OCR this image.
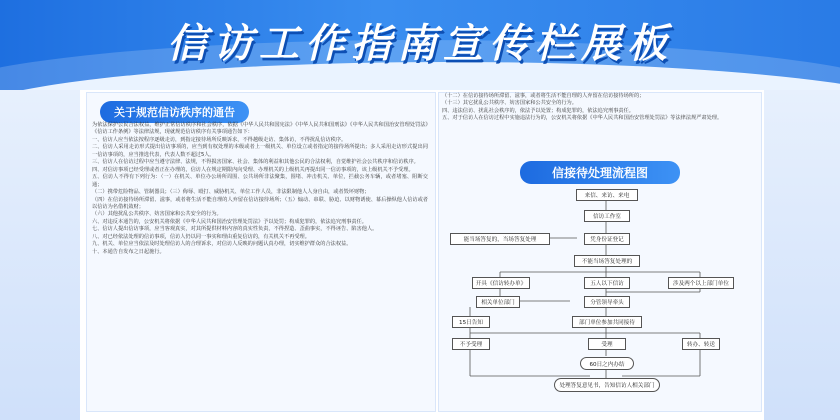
信访工作指南宣传栏展板
关于规范信访秩序的通告

为依法保护公民合法权益，维护正常信访秩序和社会秩序，依据《中华人民共和国宪法》《中华人民共和国刑法》《中华人民共和国治安管理处罚法》《信访工作条例》等法律法规，现就规范信访秩序有关事项通告如下：

一、信访人应当依法按程序逐级走访，到指定接待场所反映诉求，不得越级走访、集体访，不得扰乱信访秩序。

二、信访人采用走访形式提出信访事项的，应当到有权处理的本级或者上一级机关、单位设立或者指定的接待场所提出；多人采用走访形式提出同一信访事项的，应当推选代表，代表人数不超过5人。

三、信访人在信访过程中应当遵守法律、法规，不得损害国家、社会、集体的利益和其他公民的合法权利，自觉维护社会公共秩序和信访秩序。

四、对信访事项已经受理或者正在办理的，信访人在规定期限内向受理、办理机关的上级机关再提出同一信访事项的，该上级机关不予受理。

五、信访人不得有下列行为：（一）在机关、单位办公场所周围、公共场所非法聚集，围堵、冲击机关、单位，拦截公务车辆，或者堵塞、阻断交通；

（二）携带危险物品、管制器具；（三）侮辱、殴打、威胁机关、单位工作人员，非法限制他人人身自由，或者毁坏财物；

（四）在信访接待场所滞留、滋事，或者将生活不能自理的人弃留在信访接待场所；（五）煽动、串联、胁迫、以财物诱使、幕后操纵他人信访或者以信访为名借机敛财；

（六）其他扰乱公共秩序、妨害国家和公共安全的行为。

六、对违反本通告的，公安机关将依据《中华人民共和国治安管理处罚法》予以处罚；构成犯罪的，依法追究刑事责任。

七、信访人提出信访事项，应当客观真实，对其所提供材料内容的真实性负责，不得捏造、歪曲事实，不得诬告、陷害他人。

八、对已经依法处理的信访事项，信访人仍以同一事实和理由重复信访的，有关机关不再受理。

九、机关、单位应当依法及时处理信访人的合理诉求，对信访人反映的问题认真办理，切实维护群众的合法权益。

十、本通告自发布之日起施行。

（十二）在信访接待场所滞留、滋事，或者将生活不能自理的人弃留在信访接待场所的；

（十三）其它扰乱公共秩序、妨害国家和公共安全的行为。

四、违法信访、扰乱社会秩序的，依法予以处置；构成犯罪的，依法追究刑事责任。

五、对于信访人在信访过程中实施违法行为的，公安机关将依据《中华人民共和国治安管理处罚法》等法律法规严肃处理。

信接待处理流程图
来信、来访、来电
信访工作室
凭身份证登记
能当场答复的，当场答复处理
不能当场答复处理的
开具《信访转办单》	五人以下信访	涉及两个以上部门单位
相关单位部门	分管领导牵头
15日告知	部门单位参加共同接待
不予受理	受理	转办、转送
60日之内办结
处理答复意见书，告知信访人相关部门
